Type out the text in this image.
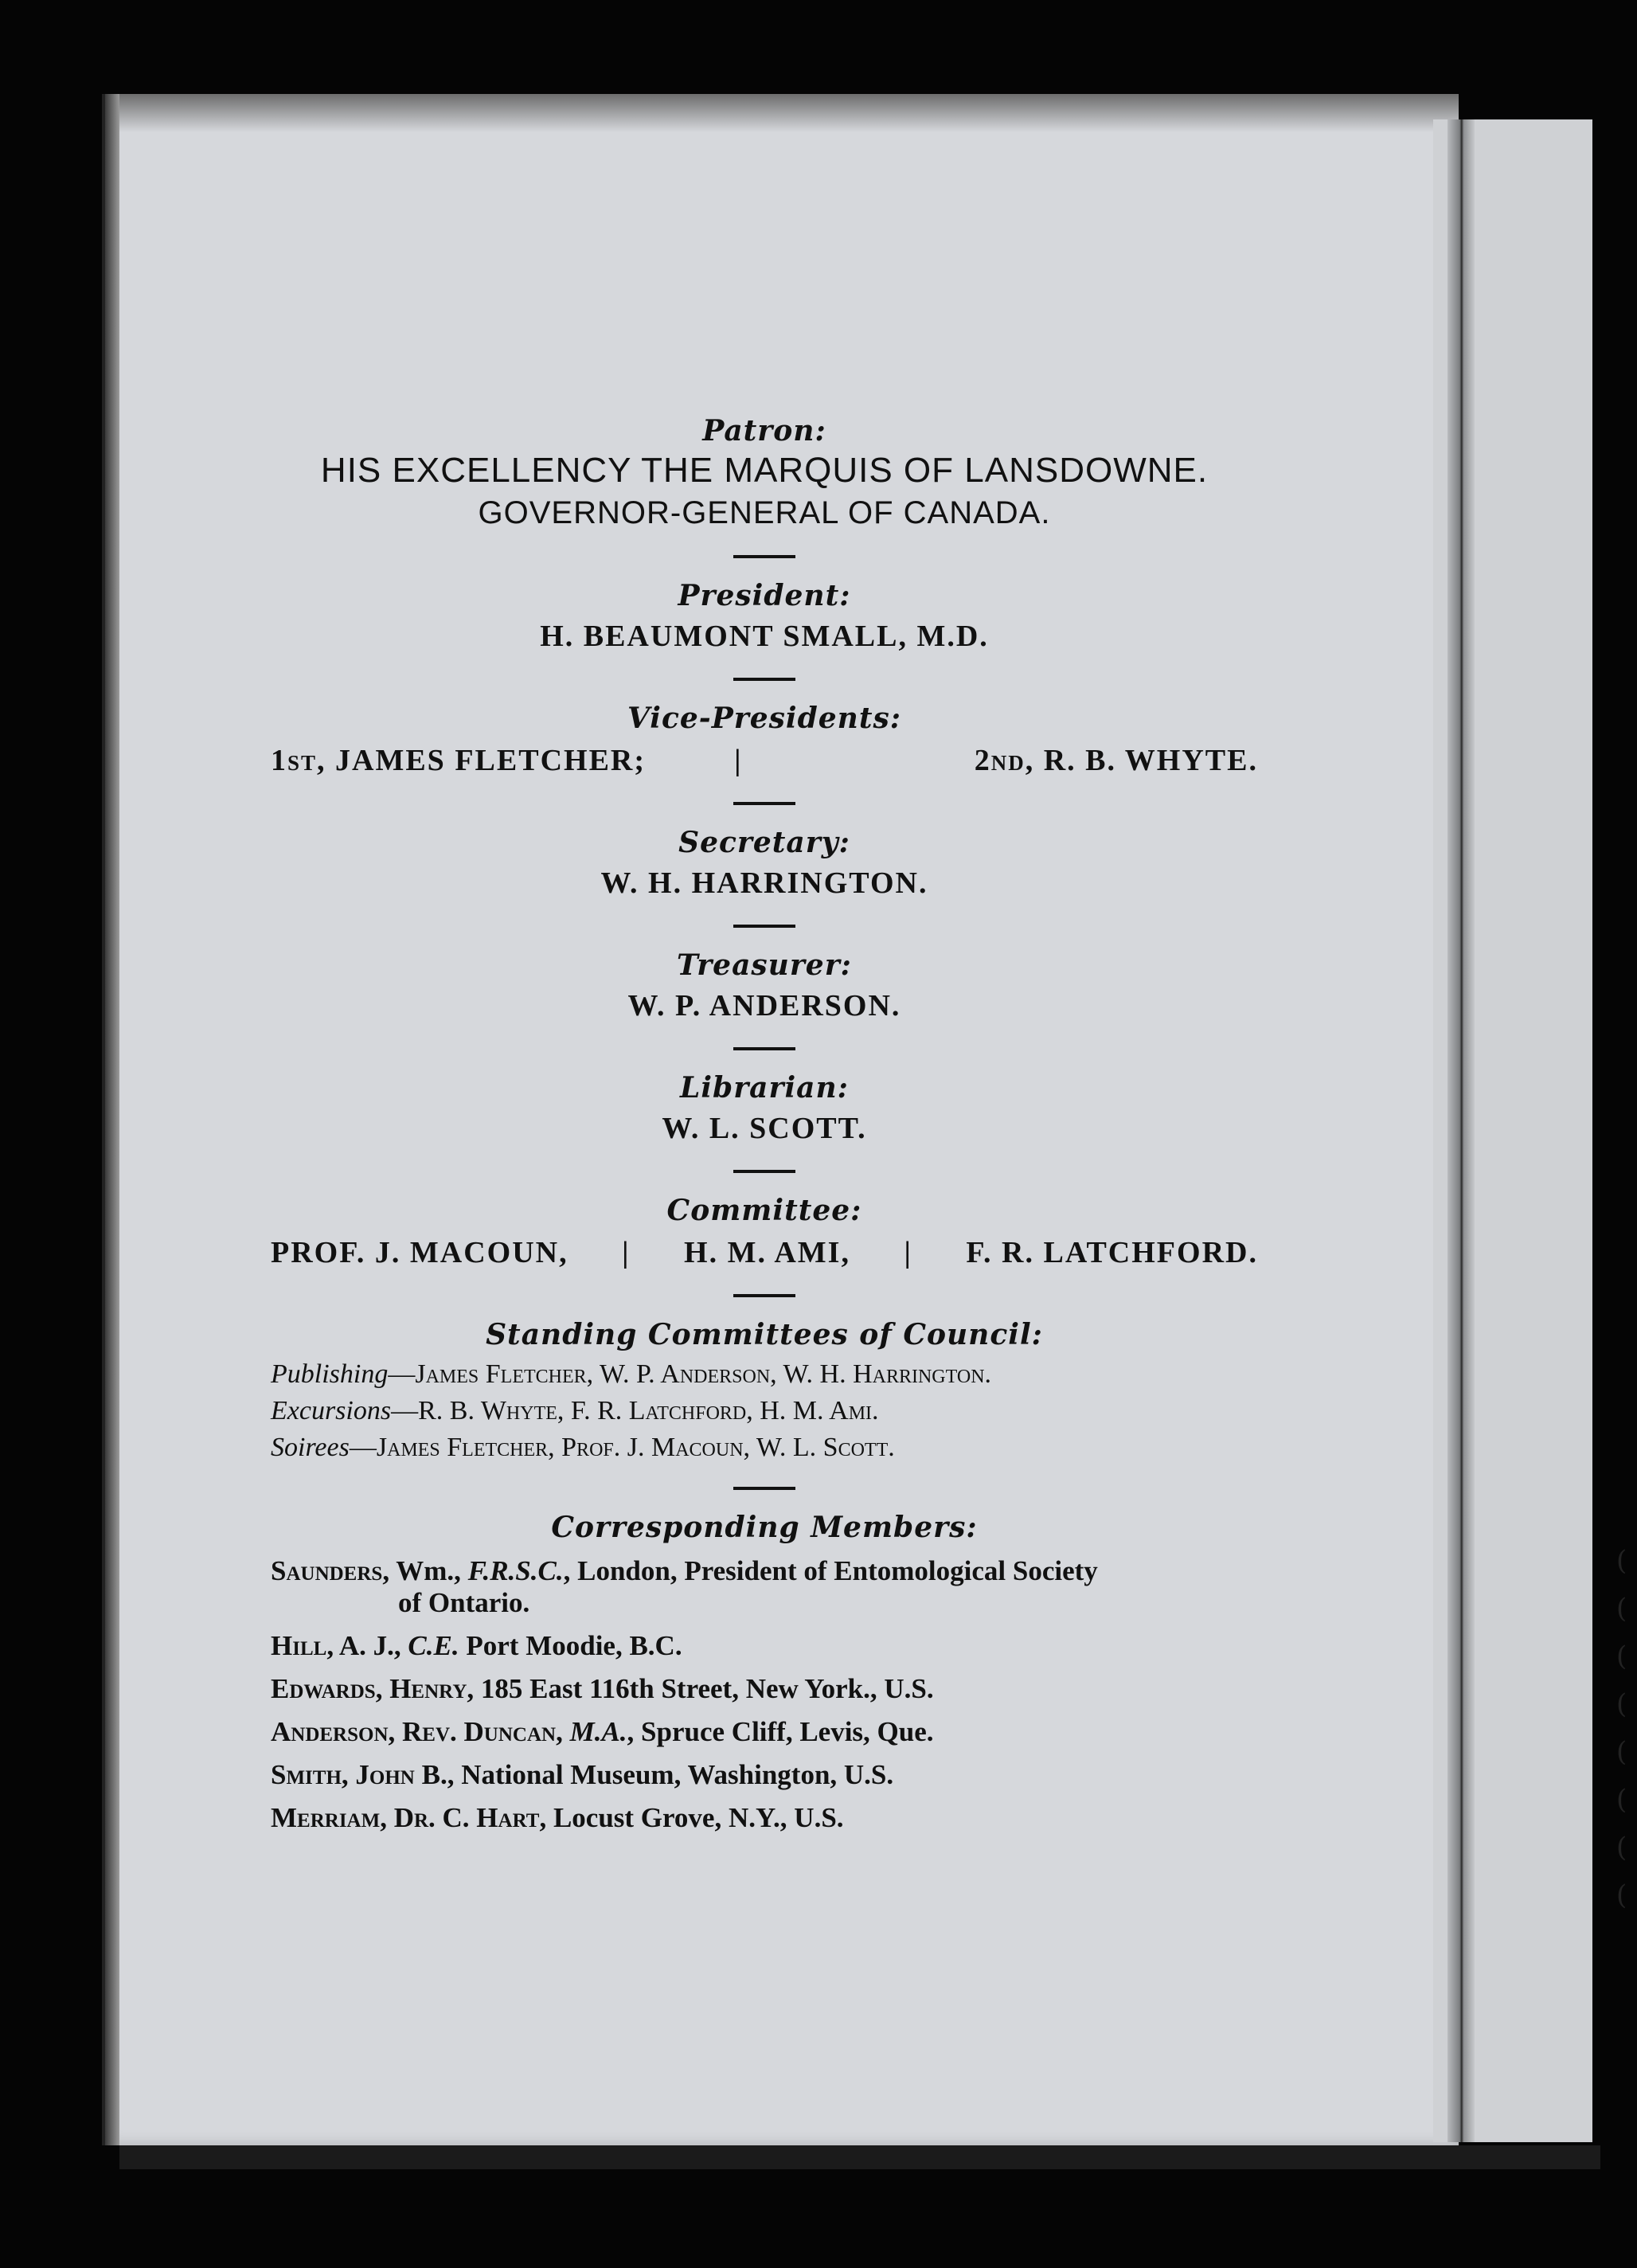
Patron:
HIS EXCELLENCY THE MARQUIS OF LANSDOWNE.
GOVERNOR-GENERAL OF CANADA.
President:
H. BEAUMONT SMALL, M.D.
Vice-Presidents:
1st, JAMES FLETCHER;	|	2nd, R. B. WHYTE.
Secretary:
W. H. HARRINGTON.
Treasurer:
W. P. ANDERSON.
Librarian:
W. L. SCOTT.
Committee:
PROF. J. MACOUN, | H. M. AMI, | F. R. LATCHFORD.
Standing Committees of Council:
Publishing—James Fletcher, W. P. Anderson, W. H. Harrington.
Excursions—R. B. Whyte, F. R. Latchford, H. M. Ami.
Soirees—James Fletcher, Prof. J. Macoun, W. L. Scott.
Corresponding Members:
Saunders, Wm., F.R.S.C., London, President of Entomological Society
of Ontario.
Hill, A. J., C.E. Port Moodie, B.C.
Edwards, Henry, 185 East 116th Street, New York., U.S.
Anderson, Rev. Duncan, M.A., Spruce Cliff, Levis, Que.
Smith, John B., National Museum, Washington, U.S.
Merriam, Dr. C. Hart, Locust Grove, N.Y., U.S.
(
(
(
(
(
(
(
(
